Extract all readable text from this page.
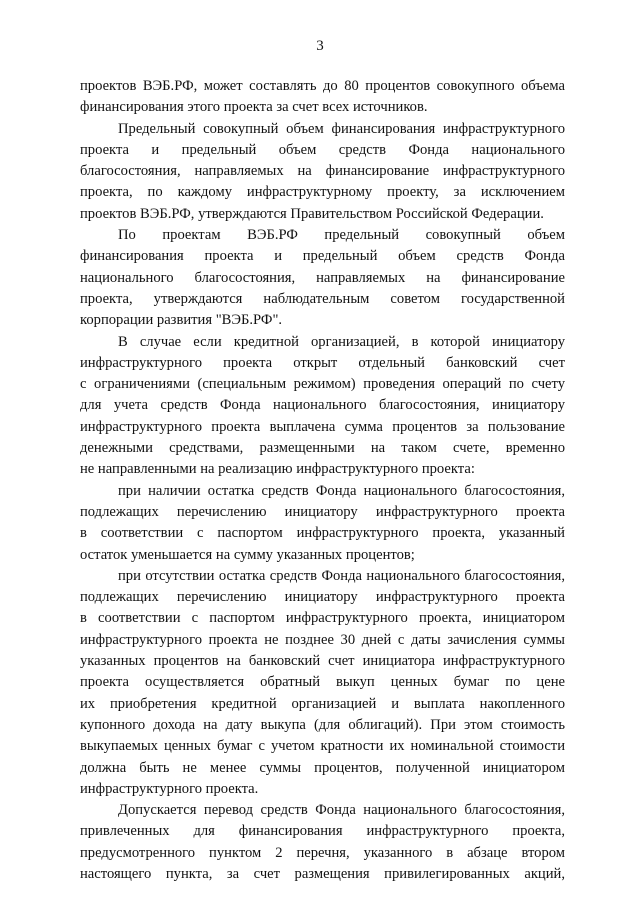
3
проектов ВЭБ.РФ, может составлять до 80 процентов совокупного объема
финансирования этого проекта за счет всех источников.
Предельный совокупный объем финансирования инфраструктурного
проекта и предельный объем средств Фонда национального
благосостояния, направляемых на финансирование инфраструктурного
проекта, по каждому инфраструктурному проекту, за исключением
проектов ВЭБ.РФ, утверждаются Правительством Российской Федерации.
По проектам ВЭБ.РФ предельный совокупный объем
финансирования проекта и предельный объем средств Фонда
национального благосостояния, направляемых на финансирование
проекта, утверждаются наблюдательным советом государственной
корпорации развития "ВЭБ.РФ".
В случае если кредитной организацией, в которой инициатору
инфраструктурного проекта открыт отдельный банковский счет
с ограничениями (специальным режимом) проведения операций по счету
для учета средств Фонда национального благосостояния, инициатору
инфраструктурного проекта выплачена сумма процентов за пользование
денежными средствами, размещенными на таком счете, временно
не направленными на реализацию инфраструктурного проекта:
при наличии остатка средств Фонда национального благосостояния,
подлежащих перечислению инициатору инфраструктурного проекта
в соответствии с паспортом инфраструктурного проекта, указанный
остаток уменьшается на сумму указанных процентов;
при отсутствии остатка средств Фонда национального благосостояния,
подлежащих перечислению инициатору инфраструктурного проекта
в соответствии с паспортом инфраструктурного проекта, инициатором
инфраструктурного проекта не позднее 30 дней с даты зачисления суммы
указанных процентов на банковский счет инициатора инфраструктурного
проекта осуществляется обратный выкуп ценных бумаг по цене
их приобретения кредитной организацией и выплата накопленного
купонного дохода на дату выкупа (для облигаций). При этом стоимость
выкупаемых ценных бумаг с учетом кратности их номинальной стоимости
должна быть не менее суммы процентов, полученной инициатором
инфраструктурного проекта.
Допускается перевод средств Фонда национального благосостояния,
привлеченных для финансирования инфраструктурного проекта,
предусмотренного пунктом 2 перечня, указанного в абзаце втором
настоящего пункта, за счет размещения привилегированных акций,
